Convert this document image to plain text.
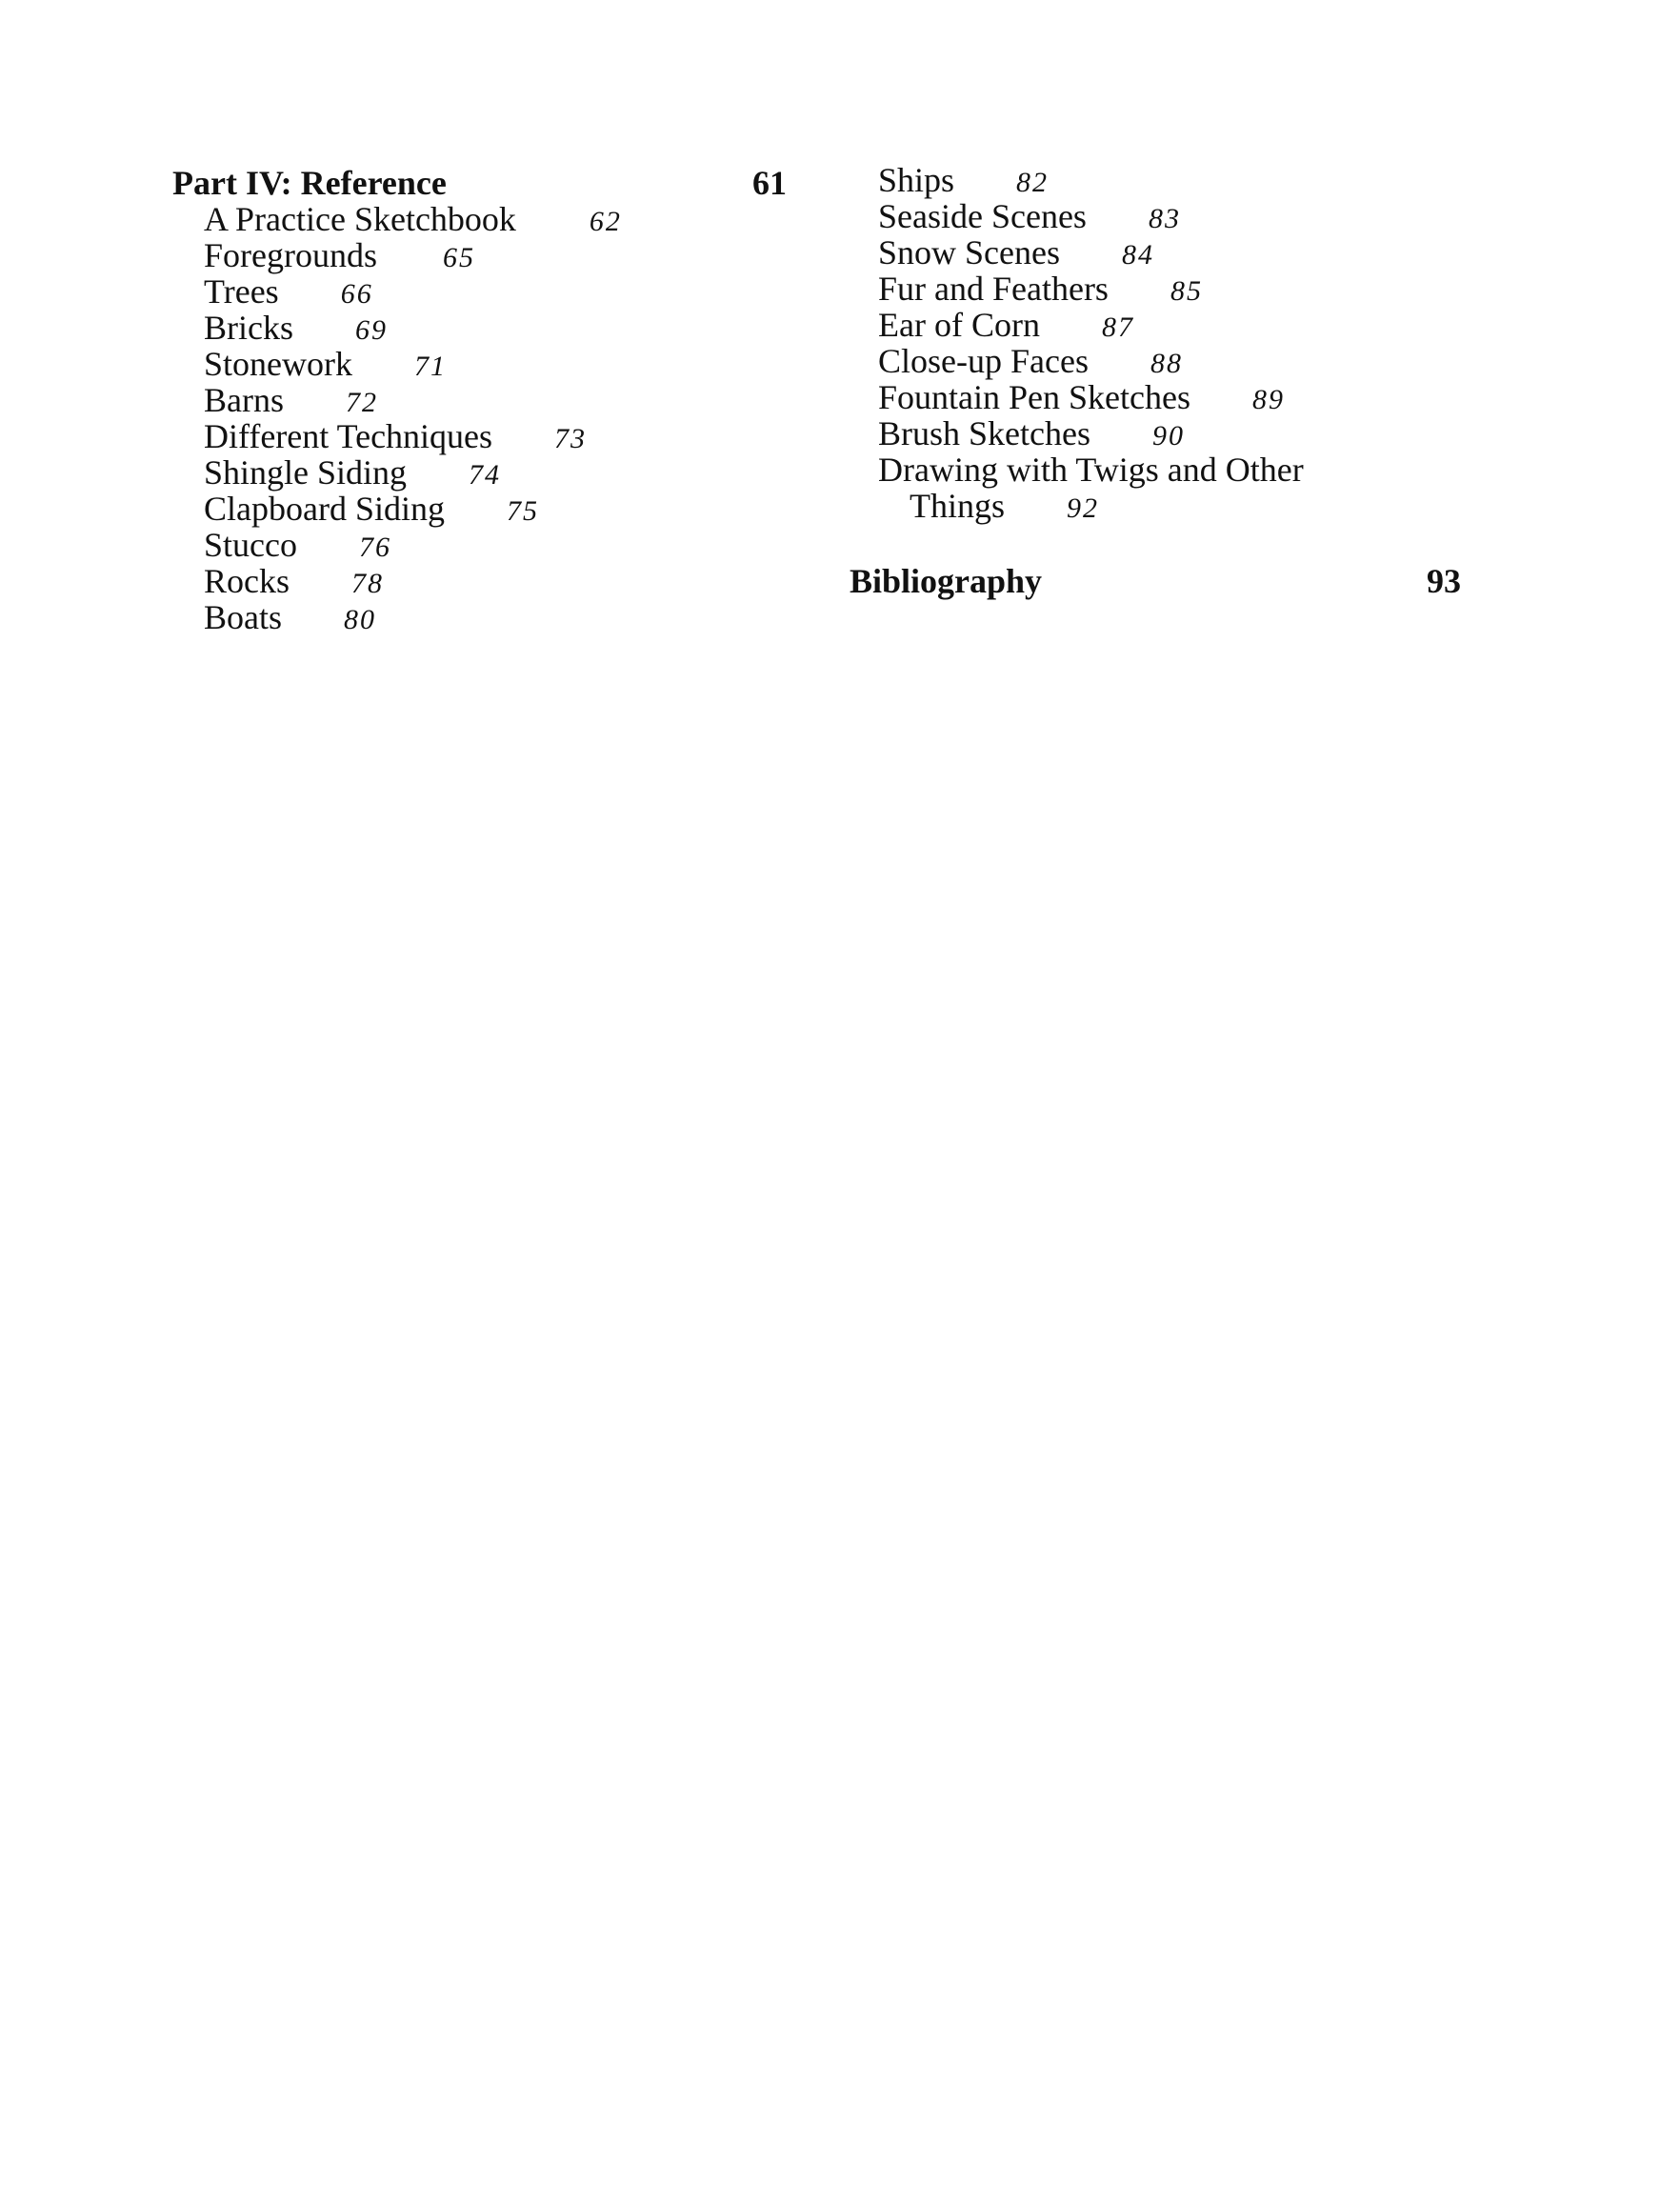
Part IV: Reference	61
A Practice Sketchbook	62
Foregrounds 65
Trees 66
Bricks 69
Stonework 71
Barns 72
Different Techniques 73
Shingle Siding 74
Clapboard Siding 75
Stucco 76
Rocks 78
Boats 80
Ships 82
Seaside Scenes 83
Snow Scenes 84
Fur and Feathers 85
Ear of Corn 87
Close-up Faces 88
Fountain Pen Sketches 89
Brush Sketches 90
Drawing with Twigs and Other
Things 92
Bibliography	93
